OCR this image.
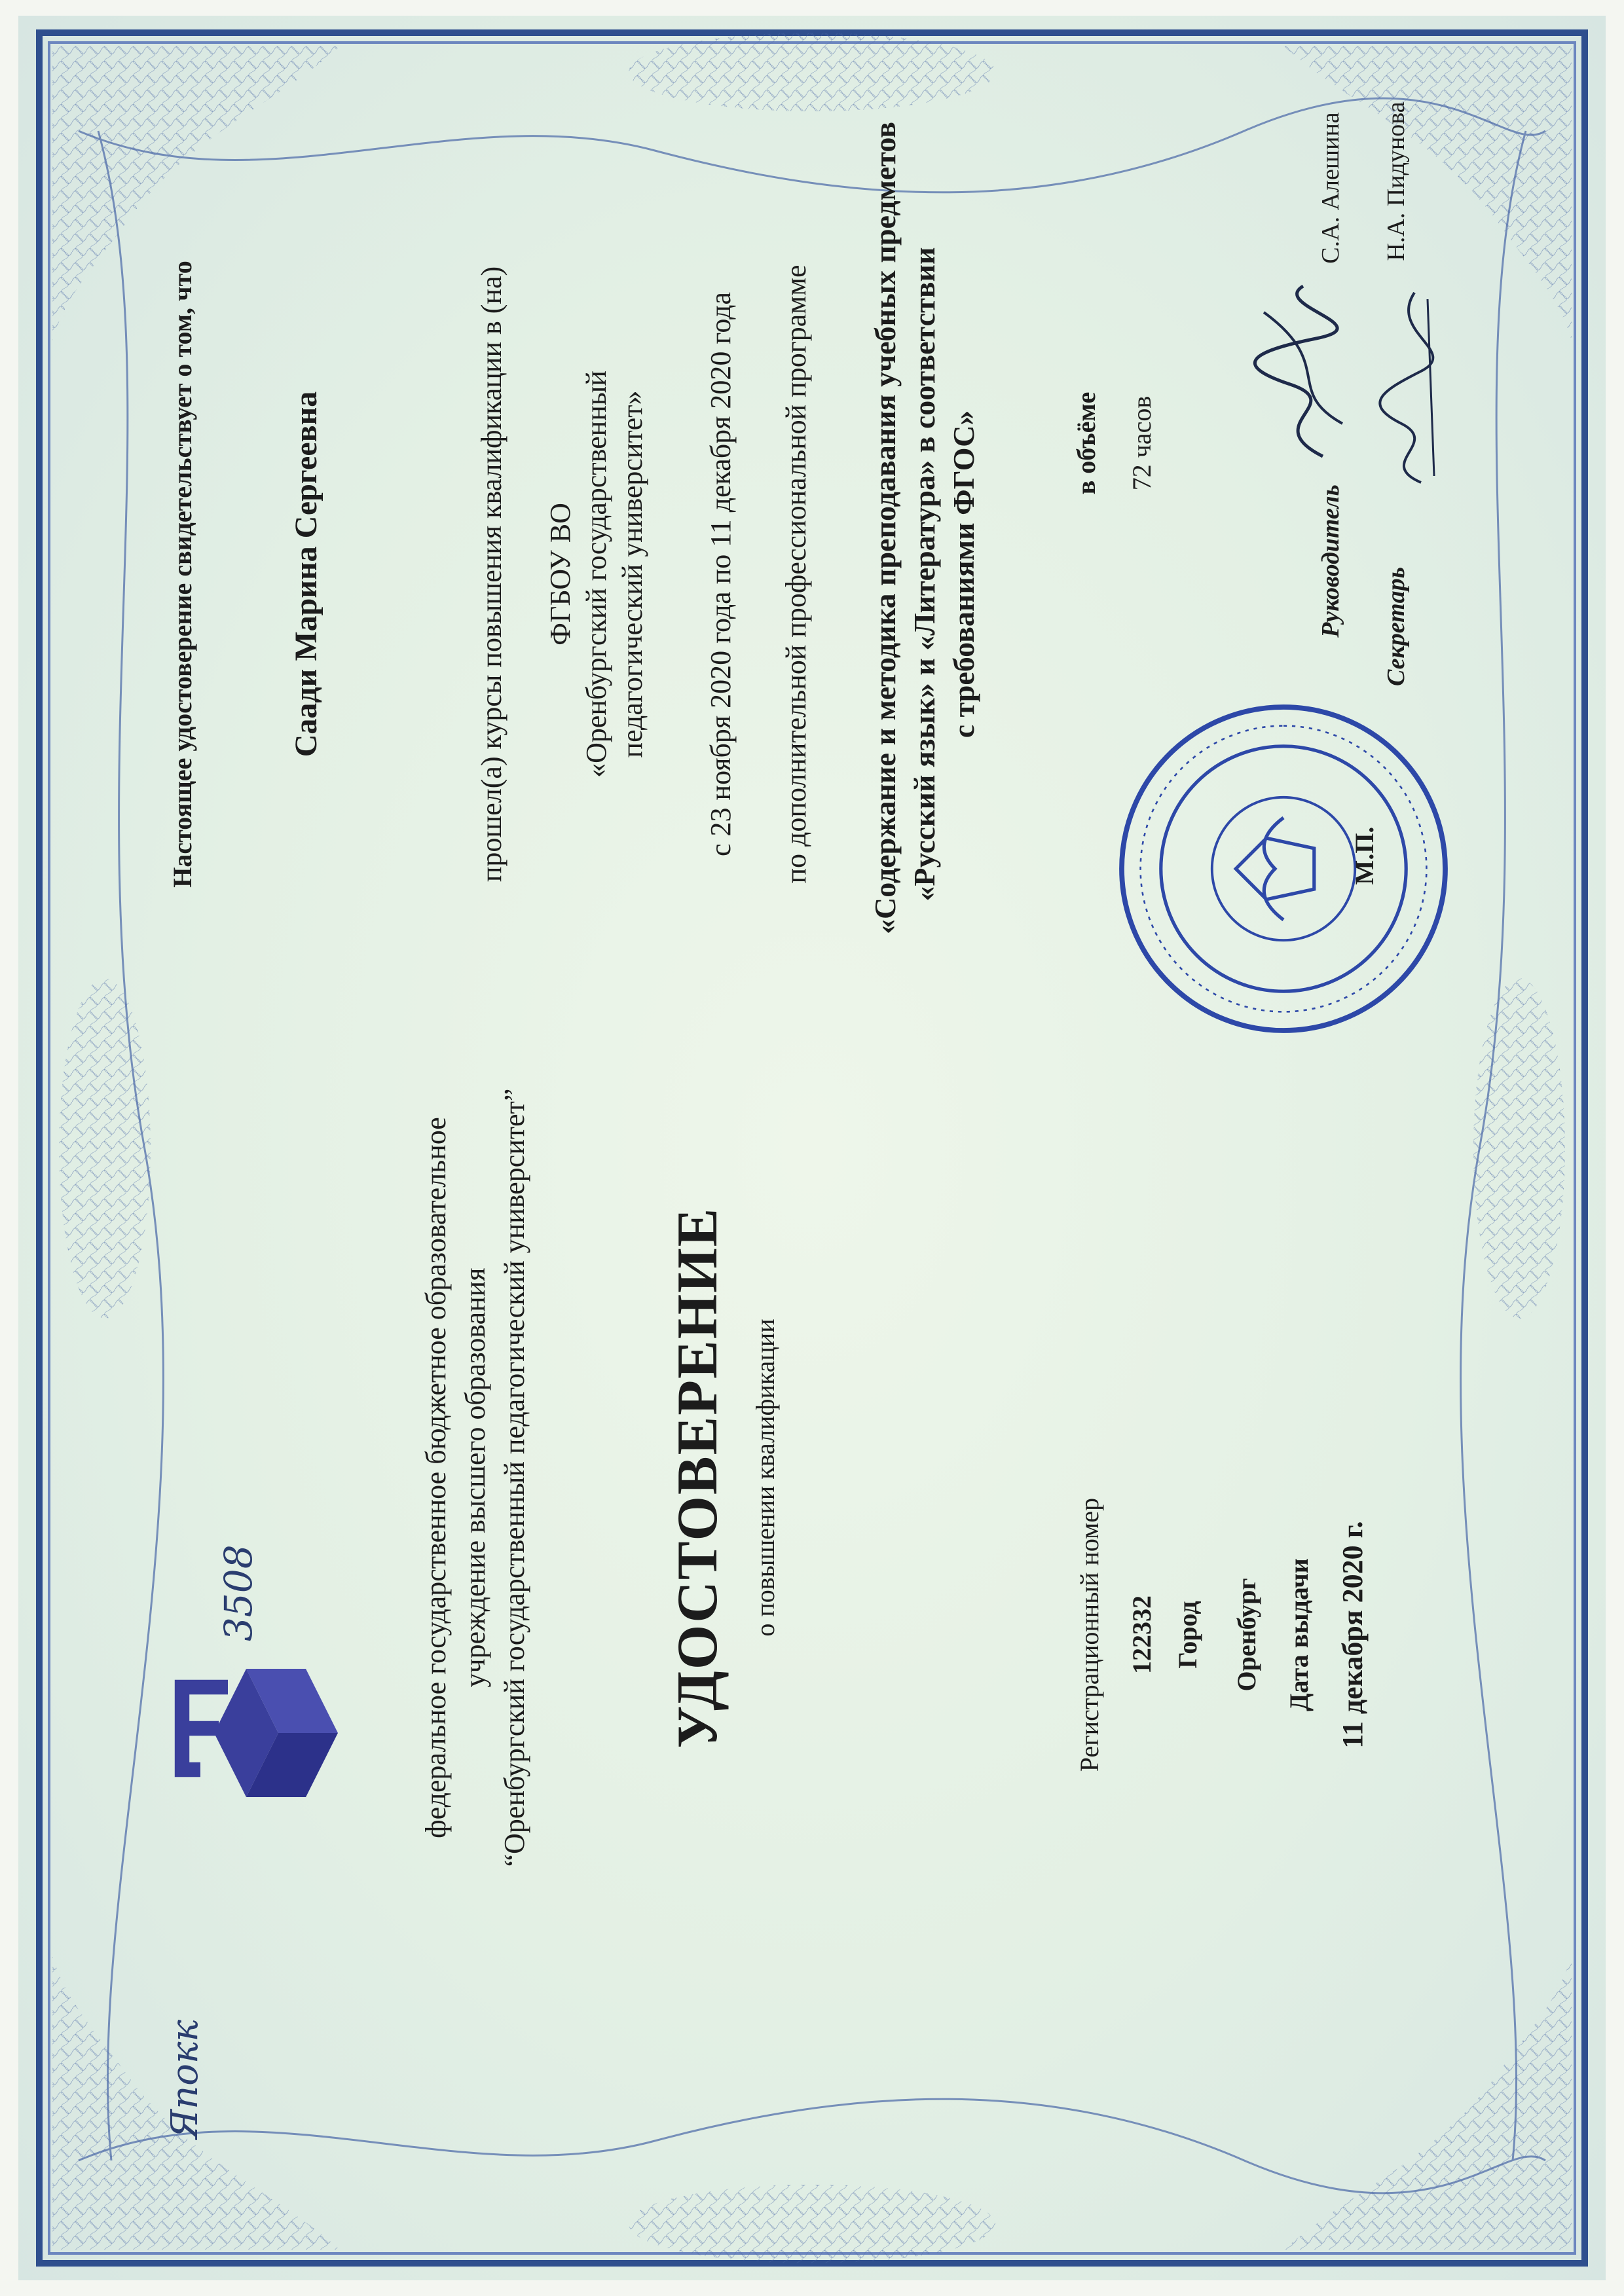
3508	федеральное государственное бюджетное образовательное учреждение высшего образования “Оренбургский государственный педагогический университет” УДОСТОВЕРЕНИЕ о повышении квалификации	Регистрационный номер 122332 Город Оренбург Дата выдачи 11 декабря 2020 г.
Япокк
Настоящее удостоверение свидетельствует о том, что	Саади Марина Сергеевна	прошел(а) курсы повышения квалификации в (на) ФГБОУ ВО «Оренбургский государственный педагогический университет» с 23 ноября 2020 года по 11 декабря 2020 года по дополнительной профессиональной программе «Содержание и методика преподавания учебных предметов «Русский язык» и «Литература» в соответствии с требованиями ФГОС»	в объёме 72 часов
Руководитель
С.А. Алешина
Секретарь
Н.А. Пидунова
М.П.
